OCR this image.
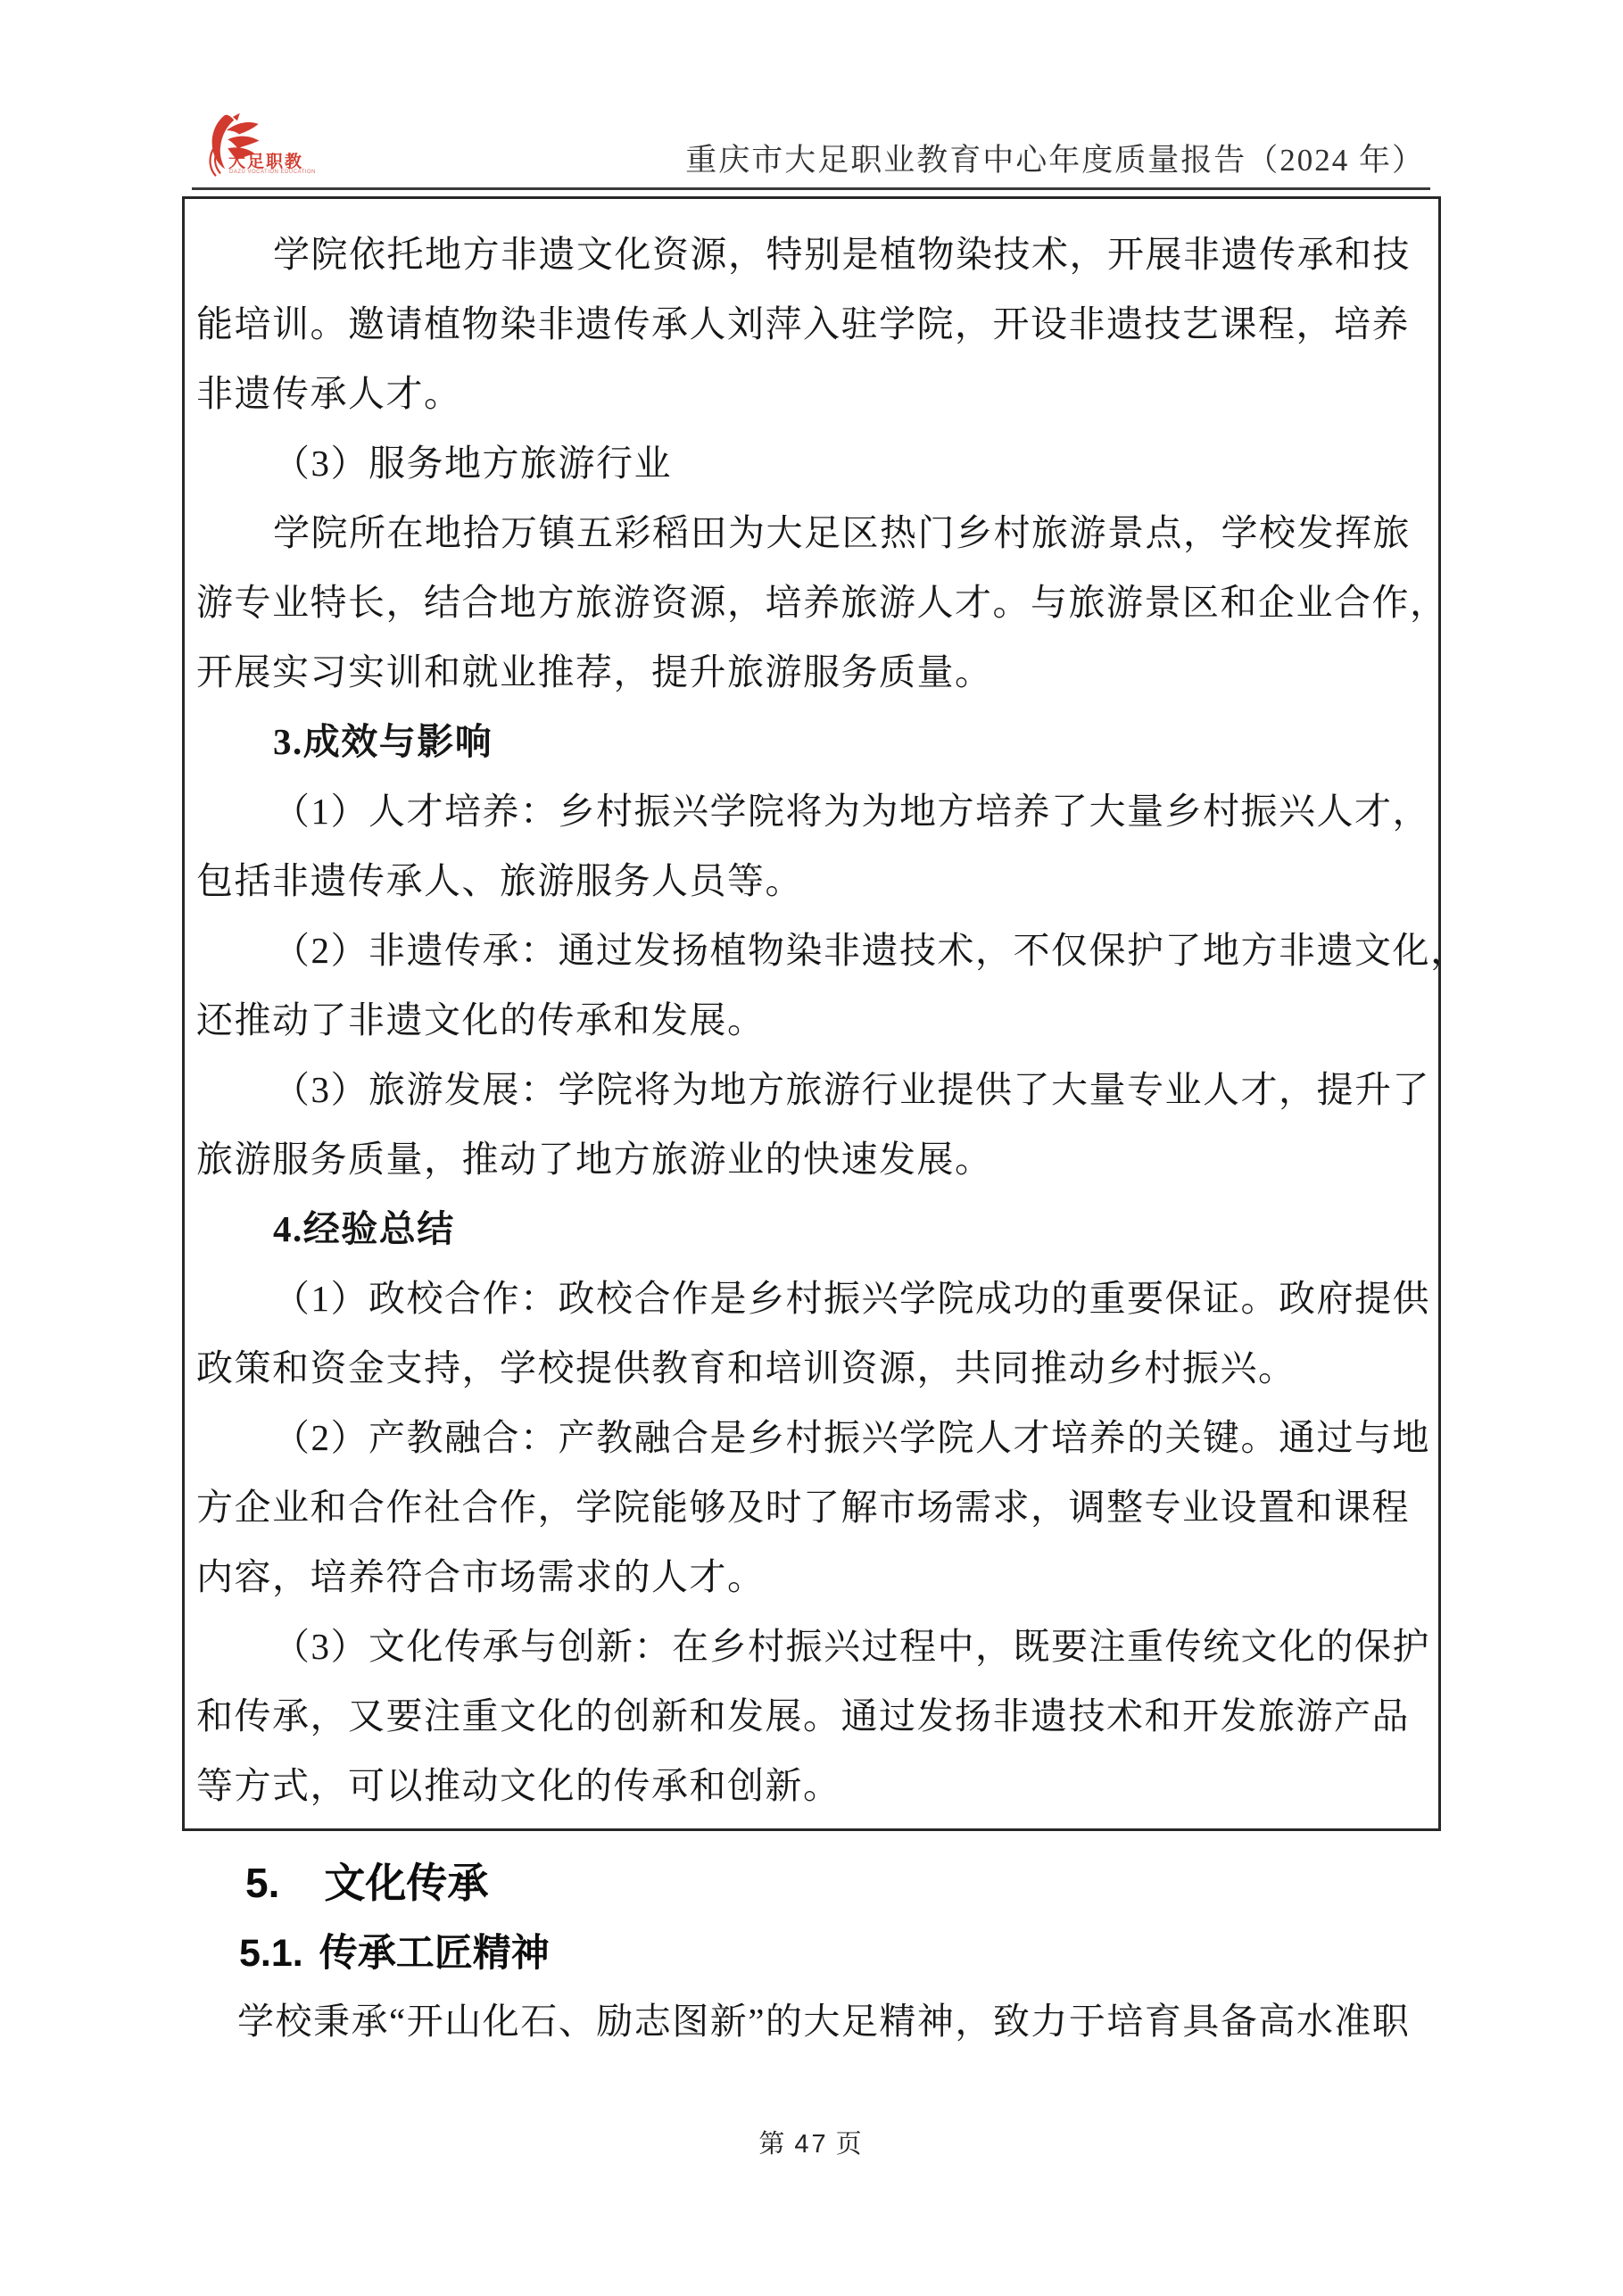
大足职教
DAZU VOCATION EDUCATION	重庆市大足职业教育中心年度质量报告（2024 年）
学院依托地方非遗文化资源，特别是植物染技术，开展非遗传承和技
能培训。邀请植物染非遗传承人刘萍入驻学院，开设非遗技艺课程，培养
非遗传承人才。
（3）服务地方旅游行业
学院所在地拾万镇五彩稻田为大足区热门乡村旅游景点，学校发挥旅
游专业特长，结合地方旅游资源，培养旅游人才。与旅游景区和企业合作，
开展实习实训和就业推荐，提升旅游服务质量。
3.成效与影响
（1）人才培养：乡村振兴学院将为为地方培养了大量乡村振兴人才，
包括非遗传承人、旅游服务人员等。
（2）非遗传承：通过发扬植物染非遗技术，不仅保护了地方非遗文化，
还推动了非遗文化的传承和发展。
（3）旅游发展：学院将为地方旅游行业提供了大量专业人才，提升了
旅游服务质量，推动了地方旅游业的快速发展。
4.经验总结
（1）政校合作：政校合作是乡村振兴学院成功的重要保证。政府提供
政策和资金支持，学校提供教育和培训资源，共同推动乡村振兴。
（2）产教融合：产教融合是乡村振兴学院人才培养的关键。通过与地
方企业和合作社合作，学院能够及时了解市场需求，调整专业设置和课程
内容，培养符合市场需求的人才。
（3）文化传承与创新：在乡村振兴过程中，既要注重传统文化的保护
和传承，又要注重文化的创新和发展。通过发扬非遗技术和开发旅游产品
等方式，可以推动文化的传承和创新。
5. 文化传承
5.1. 传承工匠精神
学校秉承“开山化石、励志图新”的大足精神，致力于培育具备高水准职
第 47 页
